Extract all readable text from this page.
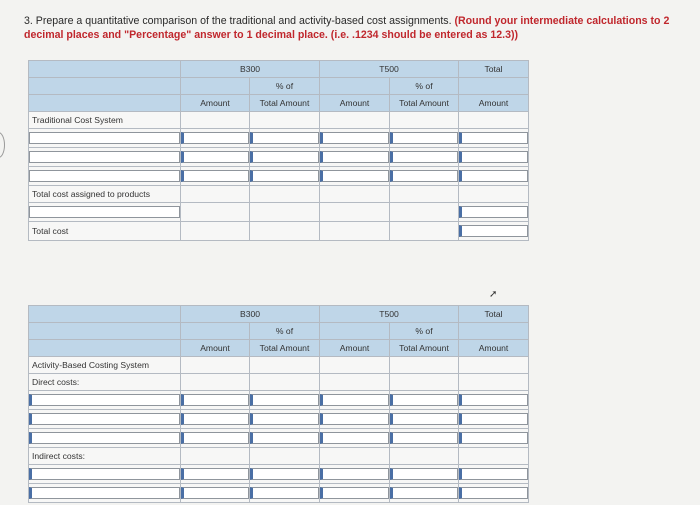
3. Prepare a quantitative comparison of the traditional and activity-based cost assignments. (Round your intermediate calculations to 2 decimal places and "Percentage" answer to 1 decimal place. (i.e. .1234 should be entered as 12.3))
	B300		T500		Total
		% of		% of	
	Amount	Total Amount	Amount	Total Amount	Amount
Traditional Cost System					

Total cost assigned to products					

Total cost					
➚
	B300		T500		Total
		% of		% of	
	Amount	Total Amount	Amount	Total Amount	Amount
Activity-Based Costing System					
Direct costs:					

Indirect costs:					
